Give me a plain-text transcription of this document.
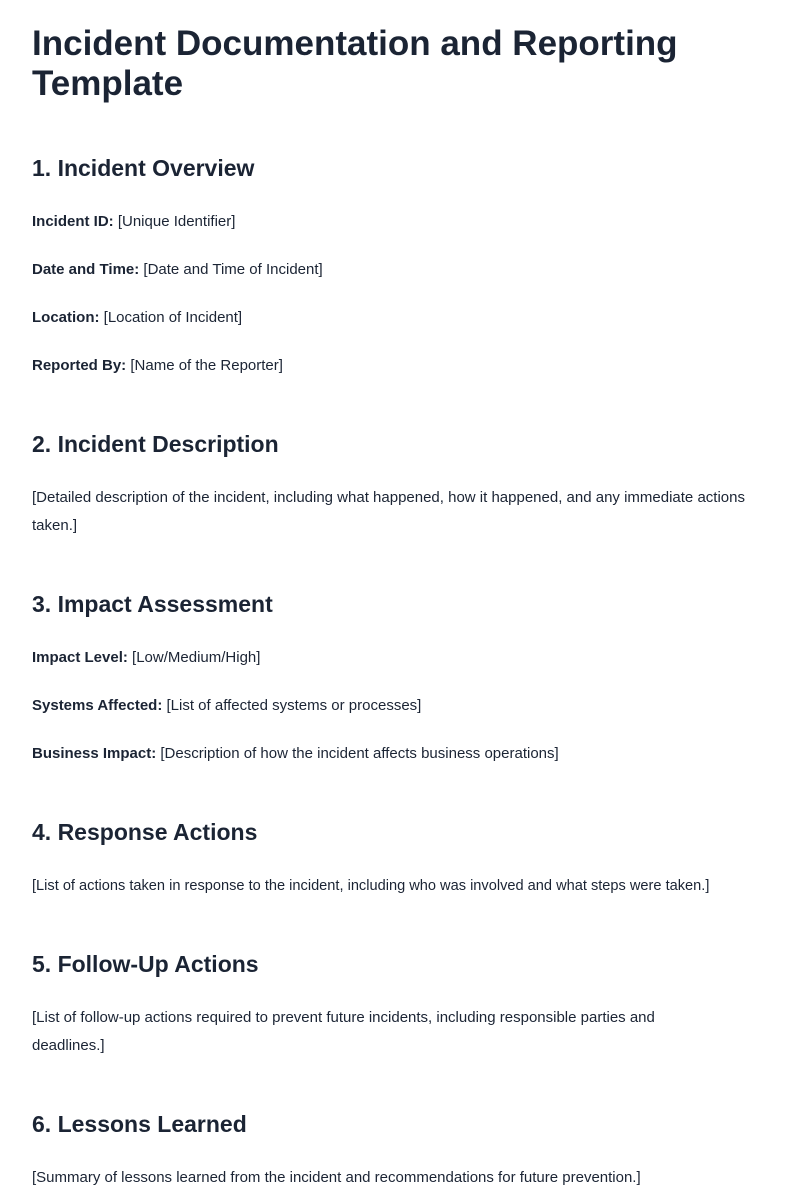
Incident Documentation and Reporting Template
1. Incident Overview

Incident ID: [Unique Identifier]

Date and Time: [Date and Time of Incident]

Location: [Location of Incident]

Reported By: [Name of the Reporter]

2. Incident Description

[Detailed description of the incident, including what happened, how it happened, and any immediate actions taken.]

3. Impact Assessment

Impact Level: [Low/Medium/High]

Systems Affected: [List of affected systems or processes]

Business Impact: [Description of how the incident affects business operations]

4. Response Actions

[List of actions taken in response to the incident, including who was involved and what steps were taken.]

5. Follow-Up Actions

[List of follow-up actions required to prevent future incidents, including responsible parties and deadlines.]

6. Lessons Learned

[Summary of lessons learned from the incident and recommendations for future prevention.]
